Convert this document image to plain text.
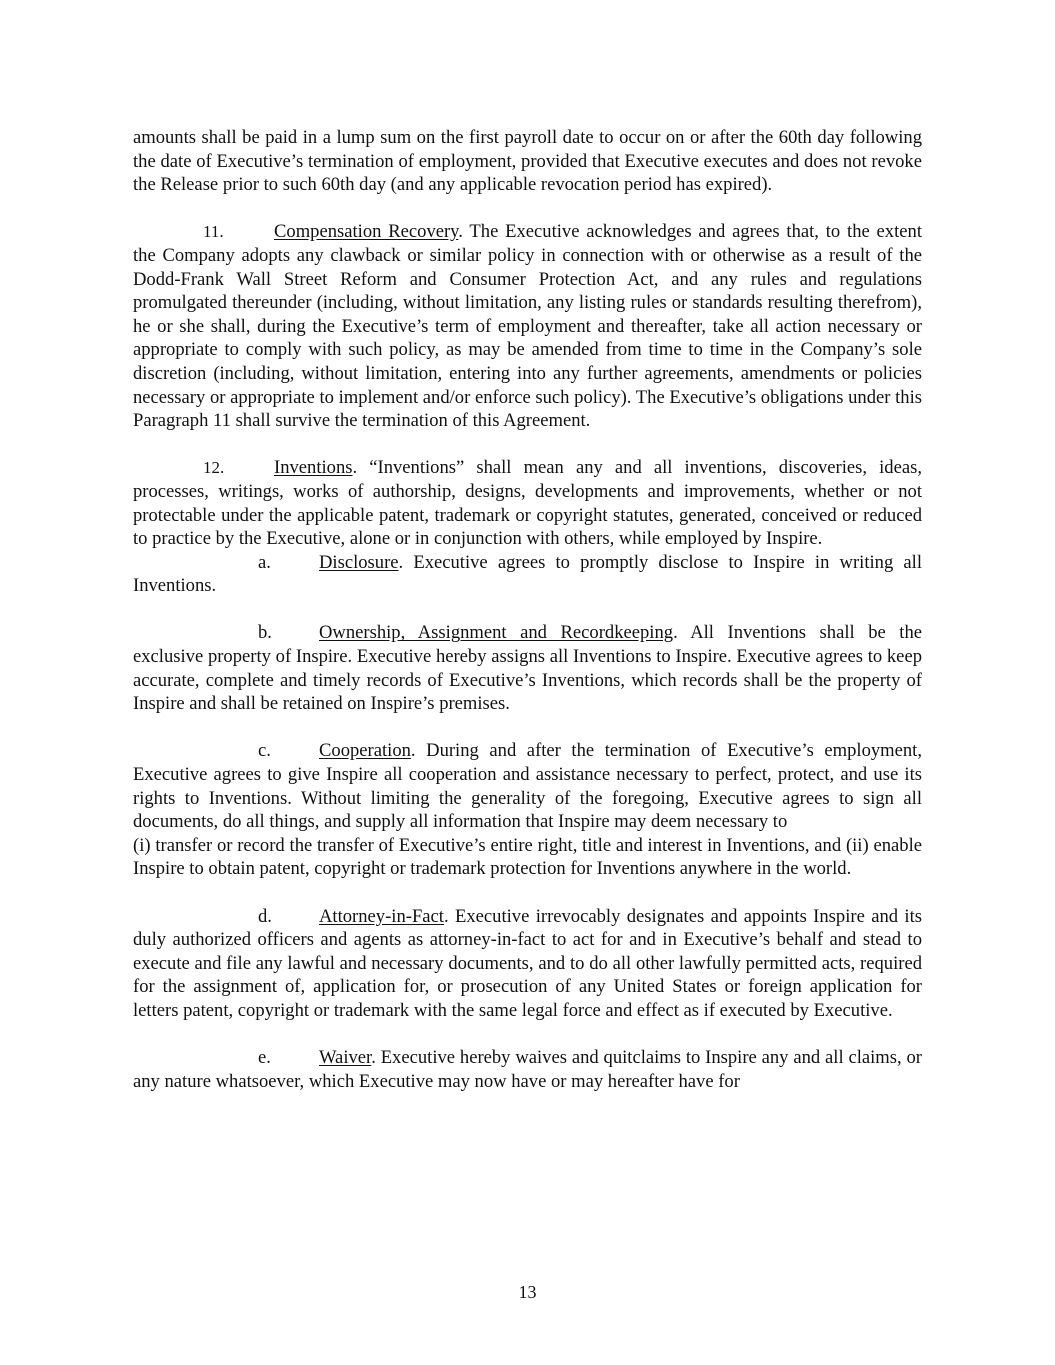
amounts shall be paid in a lump sum on the first payroll date to occur on or after the 60th day following the date of Executive’s termination of employment, provided that Executive executes and does not revoke the Release prior to such 60th day (and any applicable revocation period has expired).

11.	Compensation Recovery. The Executive acknowledges and agrees that, to the extent the Company adopts any clawback or similar policy in connection with or otherwise as a result of the Dodd-Frank Wall Street Reform and Consumer Protection Act, and any rules and regulations promulgated thereunder (including, without limitation, any listing rules or standards resulting therefrom), he or she shall, during the Executive’s term of employment and thereafter, take all action necessary or appropriate to comply with such policy, as may be amended from time to time in the Company’s sole discretion (including, without limitation, entering into any further agreements, amendments or policies necessary or appropriate to implement and/or enforce such policy). The Executive’s obligations under this Paragraph 11 shall survive the termination of this Agreement.

12.	Inventions. “Inventions” shall mean any and all inventions, discoveries, ideas, processes, writings, works of authorship, designs, developments and improvements, whether or not protectable under the applicable patent, trademark or copyright statutes, generated, conceived or reduced to practice by the Executive, alone or in conjunction with others, while employed by Inspire.

a.	Disclosure. Executive agrees to promptly disclose to Inspire in writing all Inventions.

b.	Ownership, Assignment and Recordkeeping. All Inventions shall be the exclusive property of Inspire. Executive hereby assigns all Inventions to Inspire. Executive agrees to keep accurate, complete and timely records of Executive’s Inventions, which records shall be the property of Inspire and shall be retained on Inspire’s premises.

c.	Cooperation. During and after the termination of Executive’s employment, Executive agrees to give Inspire all cooperation and assistance necessary to perfect, protect, and use its rights to Inventions. Without limiting the generality of the foregoing, Executive agrees to sign all documents, do all things, and supply all information that Inspire may deem necessary to

(i) transfer or record the transfer of Executive’s entire right, title and interest in Inventions, and (ii) enable Inspire to obtain patent, copyright or trademark protection for Inventions anywhere in the world.

d.	Attorney-in-Fact. Executive irrevocably designates and appoints Inspire and its duly authorized officers and agents as attorney-in-fact to act for and in Executive’s behalf and stead to execute and file any lawful and necessary documents, and to do all other lawfully permitted acts, required for the assignment of, application for, or prosecution of any United States or foreign application for letters patent, copyright or trademark with the same legal force and effect as if executed by Executive.

e.	Waiver. Executive hereby waives and quitclaims to Inspire any and all claims, or any nature whatsoever, which Executive may now have or may hereafter have for

13
